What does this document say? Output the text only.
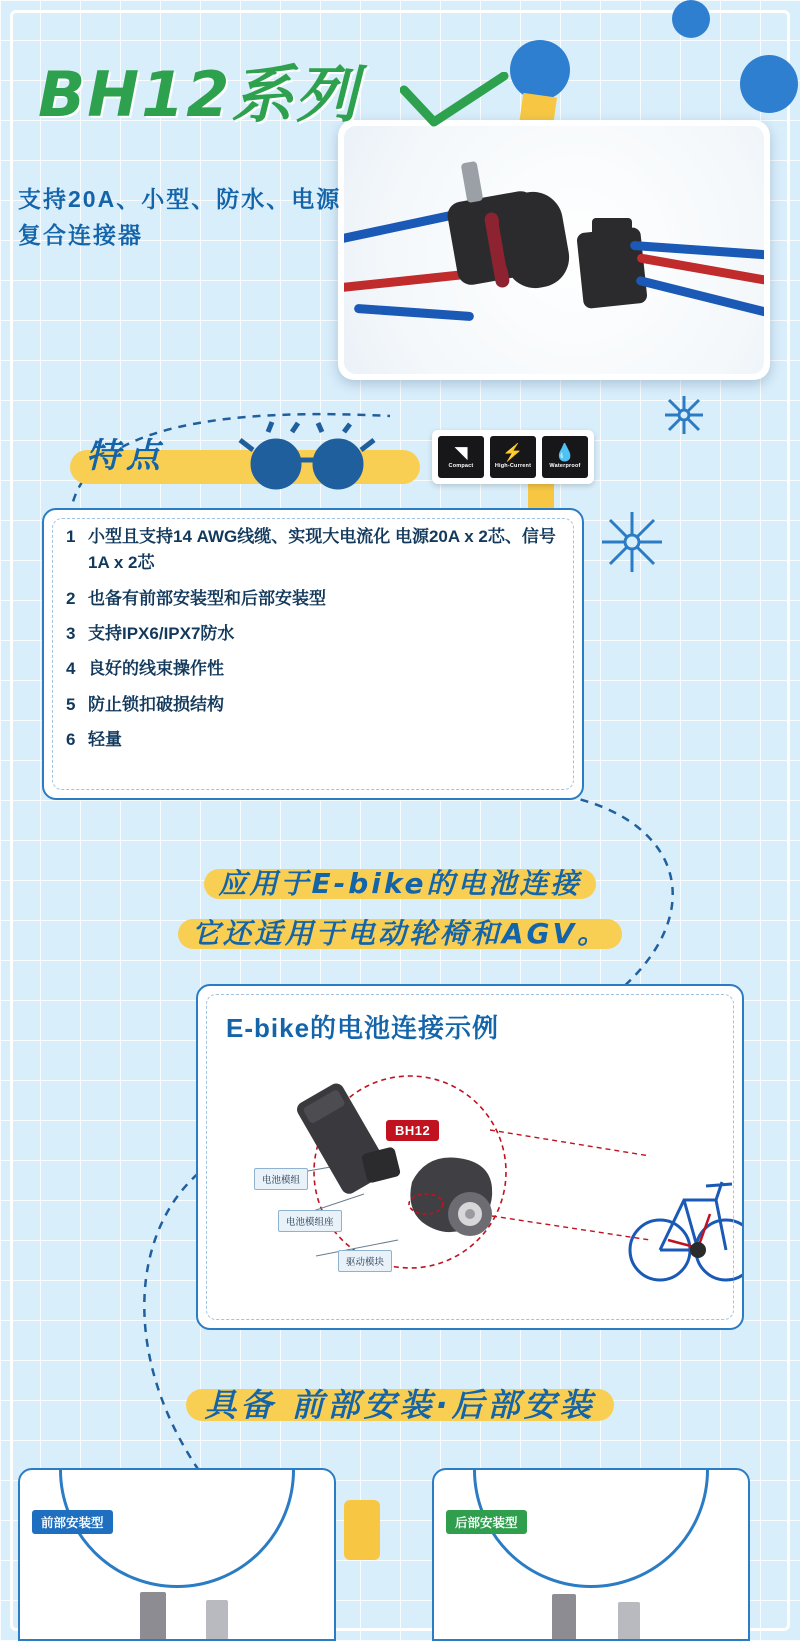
BH12系列
支持20A、小型、防水、电源复合连接器
特点	◥
Compact
⚡
High-Current
💧
Waterproof
1 小型且支持14 AWG线缆、实现大电流化 电源20A x 2芯、信号1A x 2芯
2 也备有前部安装型和后部安装型
3 支持IPX6/IPX7防水
4 良好的线束操作性
5 防止锁扣破损结构
6 轻量
应用于E-bike的电池连接

它还适用于电动轮椅和AGV。
E-bike的电池连接示例
BH12
电池模组
电池模组座
驱动模块
具备 前部安装·后部安装
前部安装型	后部安装型
